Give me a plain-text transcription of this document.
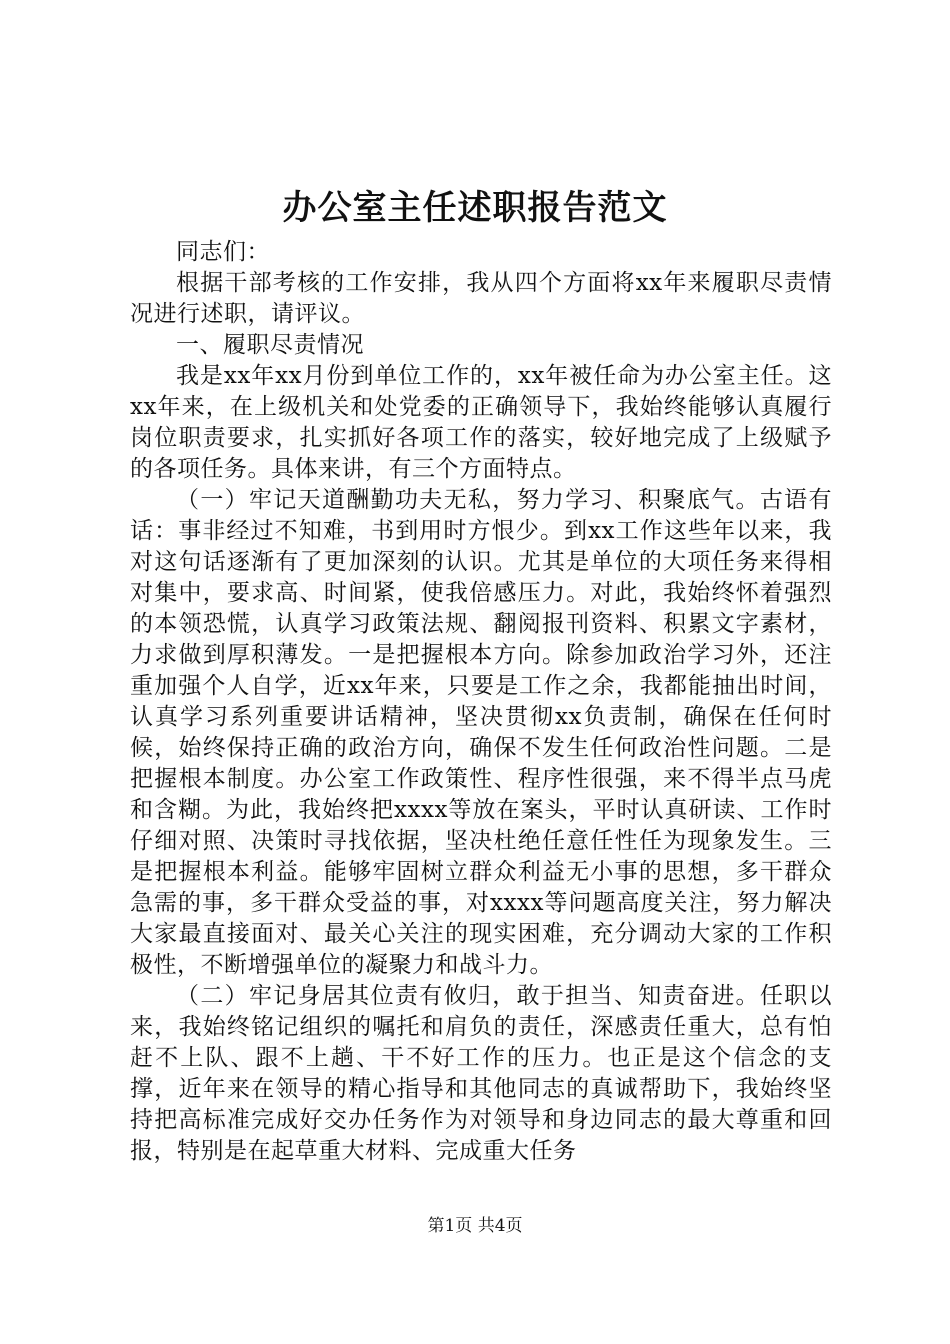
办公室主任述职报告范文

同志们：

根据干部考核的工作安排，我从四个方面将xx年来履职尽责情况进行述职，请评议。

一、履职尽责情况

我是xx年xx月份到单位工作的，xx年被任命为办公室主任。这xx年来，在上级机关和处党委的正确领导下，我始终能够认真履行岗位职责要求，扎实抓好各项工作的落实，较好地完成了上级赋予的各项任务。具体来讲，有三个方面特点。

（一）牢记天道酬勤功夫无私，努力学习、积聚底气。古语有话：事非经过不知难，书到用时方恨少。到xx工作这些年以来，我对这句话逐渐有了更加深刻的认识。尤其是单位的大项任务来得相对集中，要求高、时间紧，使我倍感压力。对此，我始终怀着强烈的本领恐慌，认真学习政策法规、翻阅报刊资料、积累文字素材，力求做到厚积薄发。一是把握根本方向。除参加政治学习外，还注重加强个人自学，近xx年来，只要是工作之余，我都能抽出时间，认真学习系列重要讲话精神，坚决贯彻xx负责制，确保在任何时候，始终保持正确的政治方向，确保不发生任何政治性问题。二是把握根本制度。办公室工作政策性、程序性很强，来不得半点马虎和含糊。为此，我始终把xxxx等放在案头，平时认真研读、工作时仔细对照、决策时寻找依据，坚决杜绝任意任性任为现象发生。三是把握根本利益。能够牢固树立群众利益无小事的思想，多干群众急需的事，多干群众受益的事，对xxxx等问题高度关注，努力解决大家最直接面对、最关心关注的现实困难，充分调动大家的工作积极性，不断增强单位的凝聚力和战斗力。

（二）牢记身居其位责有攸归，敢于担当、知责奋进。任职以来，我始终铭记组织的嘱托和肩负的责任，深感责任重大，总有怕赶不上队、跟不上趟、干不好工作的压力。也正是这个信念的支撑，近年来在领导的精心指导和其他同志的真诚帮助下，我始终坚持把高标准完成好交办任务作为对领导和身边同志的最大尊重和回报，特别是在起草重大材料、完成重大任务

第1页 共4页
